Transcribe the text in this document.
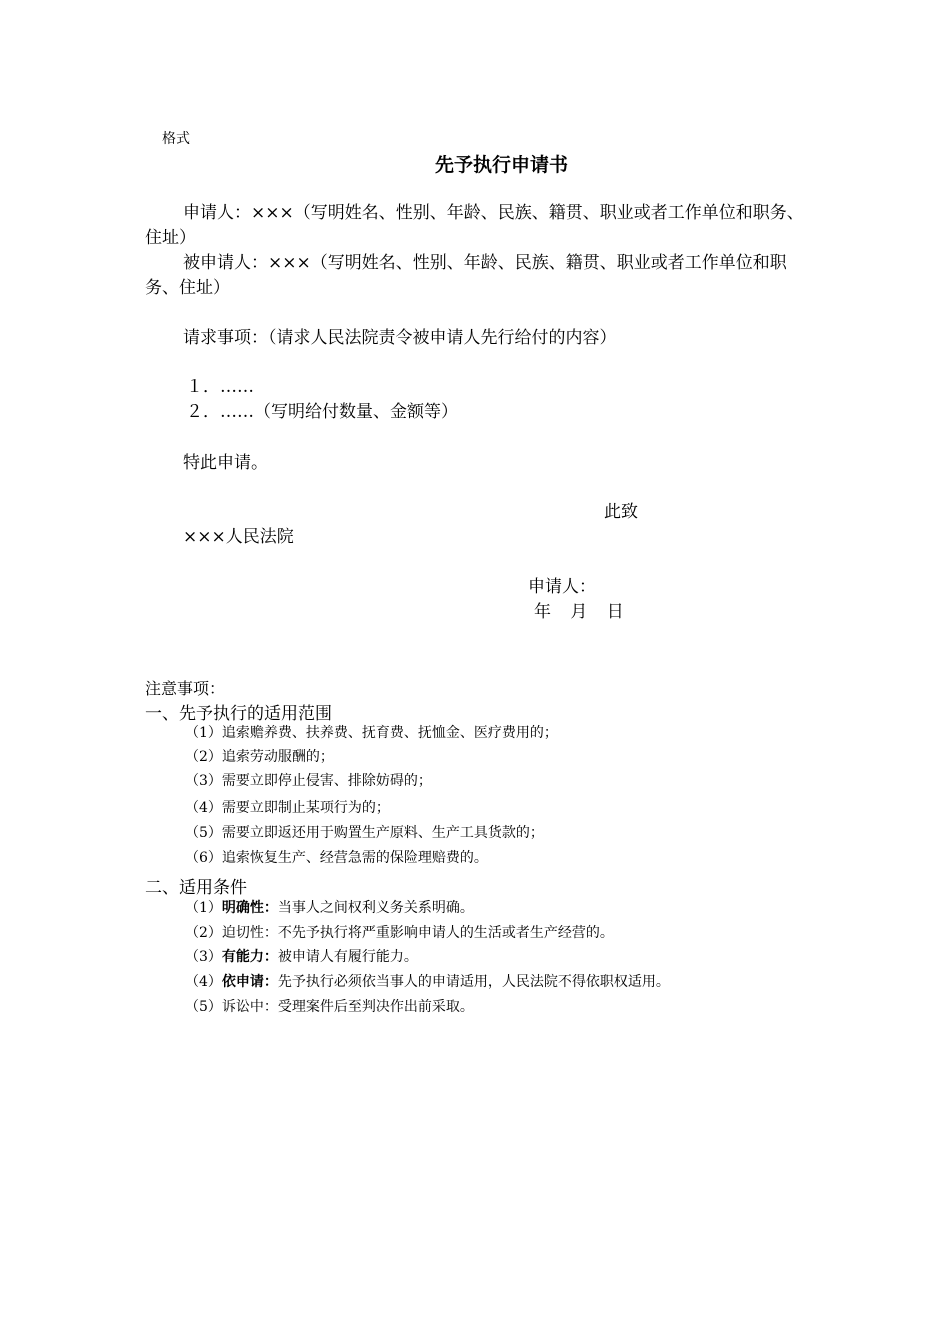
格式
先予执行申请书
申请人：×××（写明姓名、性别、年龄、民族、籍贯、职业或者工作单位和职务、
住址）
被申请人：×××（写明姓名、性别、年龄、民族、籍贯、职业或者工作单位和职
务、住址）
请求事项：（请求人民法院责令被申请人先行给付的内容）
１．……
２．……（写明给付数量、金额等）
特此申请。
此致
×××人民法院
申请人：
年 月 日
注意事项：
一、先予执行的适用范围
（1）追索赡养费、扶养费、抚育费、抚恤金、医疗费用的；
（2）追索劳动服酬的；
（3）需要立即停止侵害、排除妨碍的；
（4）需要立即制止某项行为的；
（5）需要立即返还用于购置生产原料、生产工具货款的；
（6）追索恢复生产、经营急需的保险理赔费的。
二、适用条件
（1）明确性：当事人之间权利义务关系明确。
（2）迫切性：不先予执行将严重影响申请人的生活或者生产经营的。
（3）有能力：被申请人有履行能力。
（4）依申请：先予执行必须依当事人的申请适用，人民法院不得依职权适用。
（5）诉讼中：受理案件后至判决作出前采取。
